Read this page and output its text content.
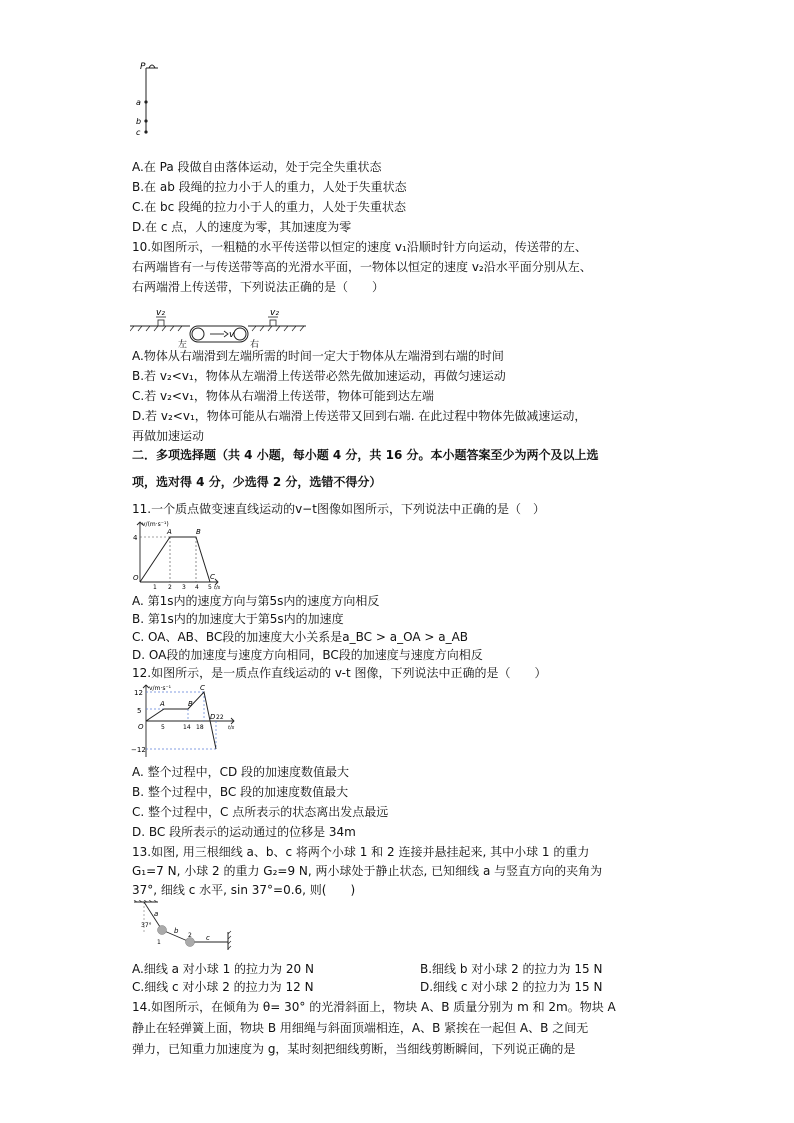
P
a
b
c
A.在 Pa 段做自由落体运动，处于完全失重状态
B.在 ab 段绳的拉力小于人的重力，人处于失重状态
C.在 bc 段绳的拉力小于人的重力，人处于失重状态
D.在 c 点，人的速度为零，其加速度为零
10.如图所示，一粗糙的水平传送带以恒定的速度 v₁沿顺时针方向运动，传送带的左、
右两端皆有一与传送带等高的光滑水平面，一物体以恒定的速度 v₂沿水平面分别从左、
右两端滑上传送带，下列说法正确的是（　　）
v₂	v₂
v
左	右
A.物体从右端滑到左端所需的时间一定大于物体从左端滑到右端的时间
B.若 v₂<v₁，物体从左端滑上传送带必然先做加速运动，再做匀速运动
C.若 v₂<v₁，物体从右端滑上传送带，物体可能到达左端
D.若 v₂<v₁，物体可能从右端滑上传送带又回到右端. 在此过程中物体先做减速运动，
再做加速运动
二．多项选择题（共 4 小题，每小题 4 分，共 16 分。本小题答案至少为两个及以上选
项，选对得 4 分，少选得 2 分，选错不得分）
11.一个质点做变速直线运动的v−t图像如图所示，下列说法中正确的是（　）
v/(m·s⁻¹)
4
O
A	B
C
1 2 3 4 5 t/s
A. 第1s内的速度方向与第5s内的速度方向相反
B. 第1s内的加速度大于第5s内的加速度
C. OA、AB、BC段的加速度大小关系是a_BC > a_OA > a_AB
D. OA段的加速度与速度方向相同，BC段的加速度与速度方向相反
12.如图所示，是一质点作直线运动的 v-t 图像，下列说法中正确的是（　　）
v/m·s⁻¹
12
5
−12
A	B
C
D
O	5	14 18
22
t/s
A. 整个过程中，CD 段的加速度数值最大
B. 整个过程中，BC 段的加速度数值最大
C. 整个过程中，C 点所表示的状态离出发点最远
D. BC 段所表示的运动通过的位移是 34m
13.如图, 用三根细线 a、b、c 将两个小球 1 和 2 连接并悬挂起来, 其中小球 1 的重力
G₁=7 N, 小球 2 的重力 G₂=9 N, 两小球处于静止状态, 已知细线 a 与竖直方向的夹角为
37°, 细线 c 水平, sin 37°=0.6, 则(　　)
a
b
c
37°
1
2
A.细线 a 对小球 1 的拉力为 20 N	B.细线 b 对小球 2 的拉力为 15 N
C.细线 c 对小球 2 的拉力为 12 N	D.细线 c 对小球 2 的拉力为 15 N
14.如图所示，在倾角为 θ= 30° 的光滑斜面上，物块 A、B 质量分别为 m 和 2m。物块 A
静止在轻弹簧上面，物块 B 用细绳与斜面顶端相连，A、B 紧挨在一起但 A、B 之间无
弹力，已知重力加速度为 g，某时刻把细线剪断，当细线剪断瞬间，下列说正确的是
